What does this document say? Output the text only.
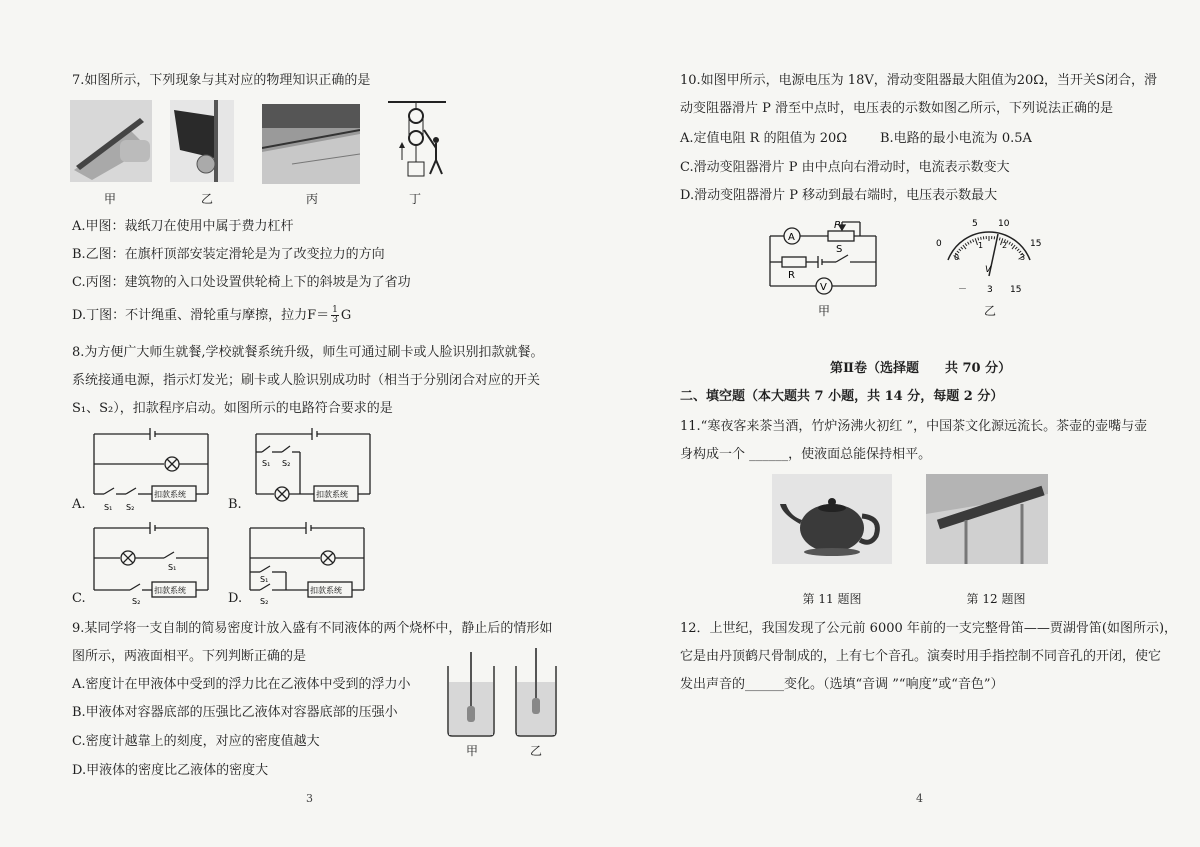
7.如图所示，下列现象与其对应的物理知识正确的是
甲	乙	丙	丁
A.甲图：裁纸刀在使用中属于费力杠杆
B.乙图：在旗杆顶部安装定滑轮是为了改变拉力的方向
C.丙图：建筑物的入口处设置供轮椅上下的斜坡是为了省功
D.丁图：不计绳重、滑轮重与摩擦，拉力$F= \frac{1}{3}$ G
8.为方便广大师生就餐,学校就餐系统升级，师生可通过刷卡或人脸识别扣款就餐。
系统接通电源，指示灯发光；刷卡或人脸识别成功时（相当于分别闭合对应的开关
S₁、S₂），扣款程序启动。如图所示的电路符合要求的是
S₁ S₂
扣款系统
A.
S₁ S₂
扣款系统
B.
S₁
S₂
扣款系统
C.
S₁
S₂
扣款系统
D.
9.某同学将一支自制的简易密度计放入盛有不同液体的两个烧杯中，静止后的情形如
图所示，两液面相平。下列判断正确的是
A.密度计在甲液体中受到的浮力比在乙液体中受到的浮力小
B.甲液体对容器底部的压强比乙液体对容器底部的压强小
C.密度计越靠上的刻度，对应的密度值越大
D.甲液体的密度比乙液体的密度大
甲	乙
3
10.如图甲所示，电源电压为 18V，滑动变阻器最大阻值为20Ω，当开关S闭合，滑
动变阻器滑片 P 滑至中点时，电压表的示数如图乙所示，下列说法正确的是
A.定值电阻 R 的阻值为 20Ω	B.电路的最小电流为 0.5A
C.滑动变阻器滑片 P 由中点向右滑动时，电流表示数变大
D.滑动变阻器滑片 P 移动到最右端时，电压表示数最大
A
P
R
S
V
甲
5 10
0	15
0
1 2
3
V
－ 3 15
乙
第Ⅱ卷（选择题　　共 70 分）
二、填空题（本大题共 7 小题，共 14 分，每题 2 分）
11.“寒夜客来茶当酒，竹炉汤沸火初红 ”，中国茶文化源远流长。茶壶的壶嘴与壶
身构成一个 ______，使液面总能保持相平。
第 11 题图	第 12 题图
12．上世纪，我国发现了公元前 6000 年前的一支完整骨笛——贾湖骨笛(如图所示)，
它是由丹顶鹤尺骨制成的，上有七个音孔。演奏时用手指控制不同音孔的开闭，使它
发出声音的______变化。（选填“音调 ”“响度”或“音色”）
4
